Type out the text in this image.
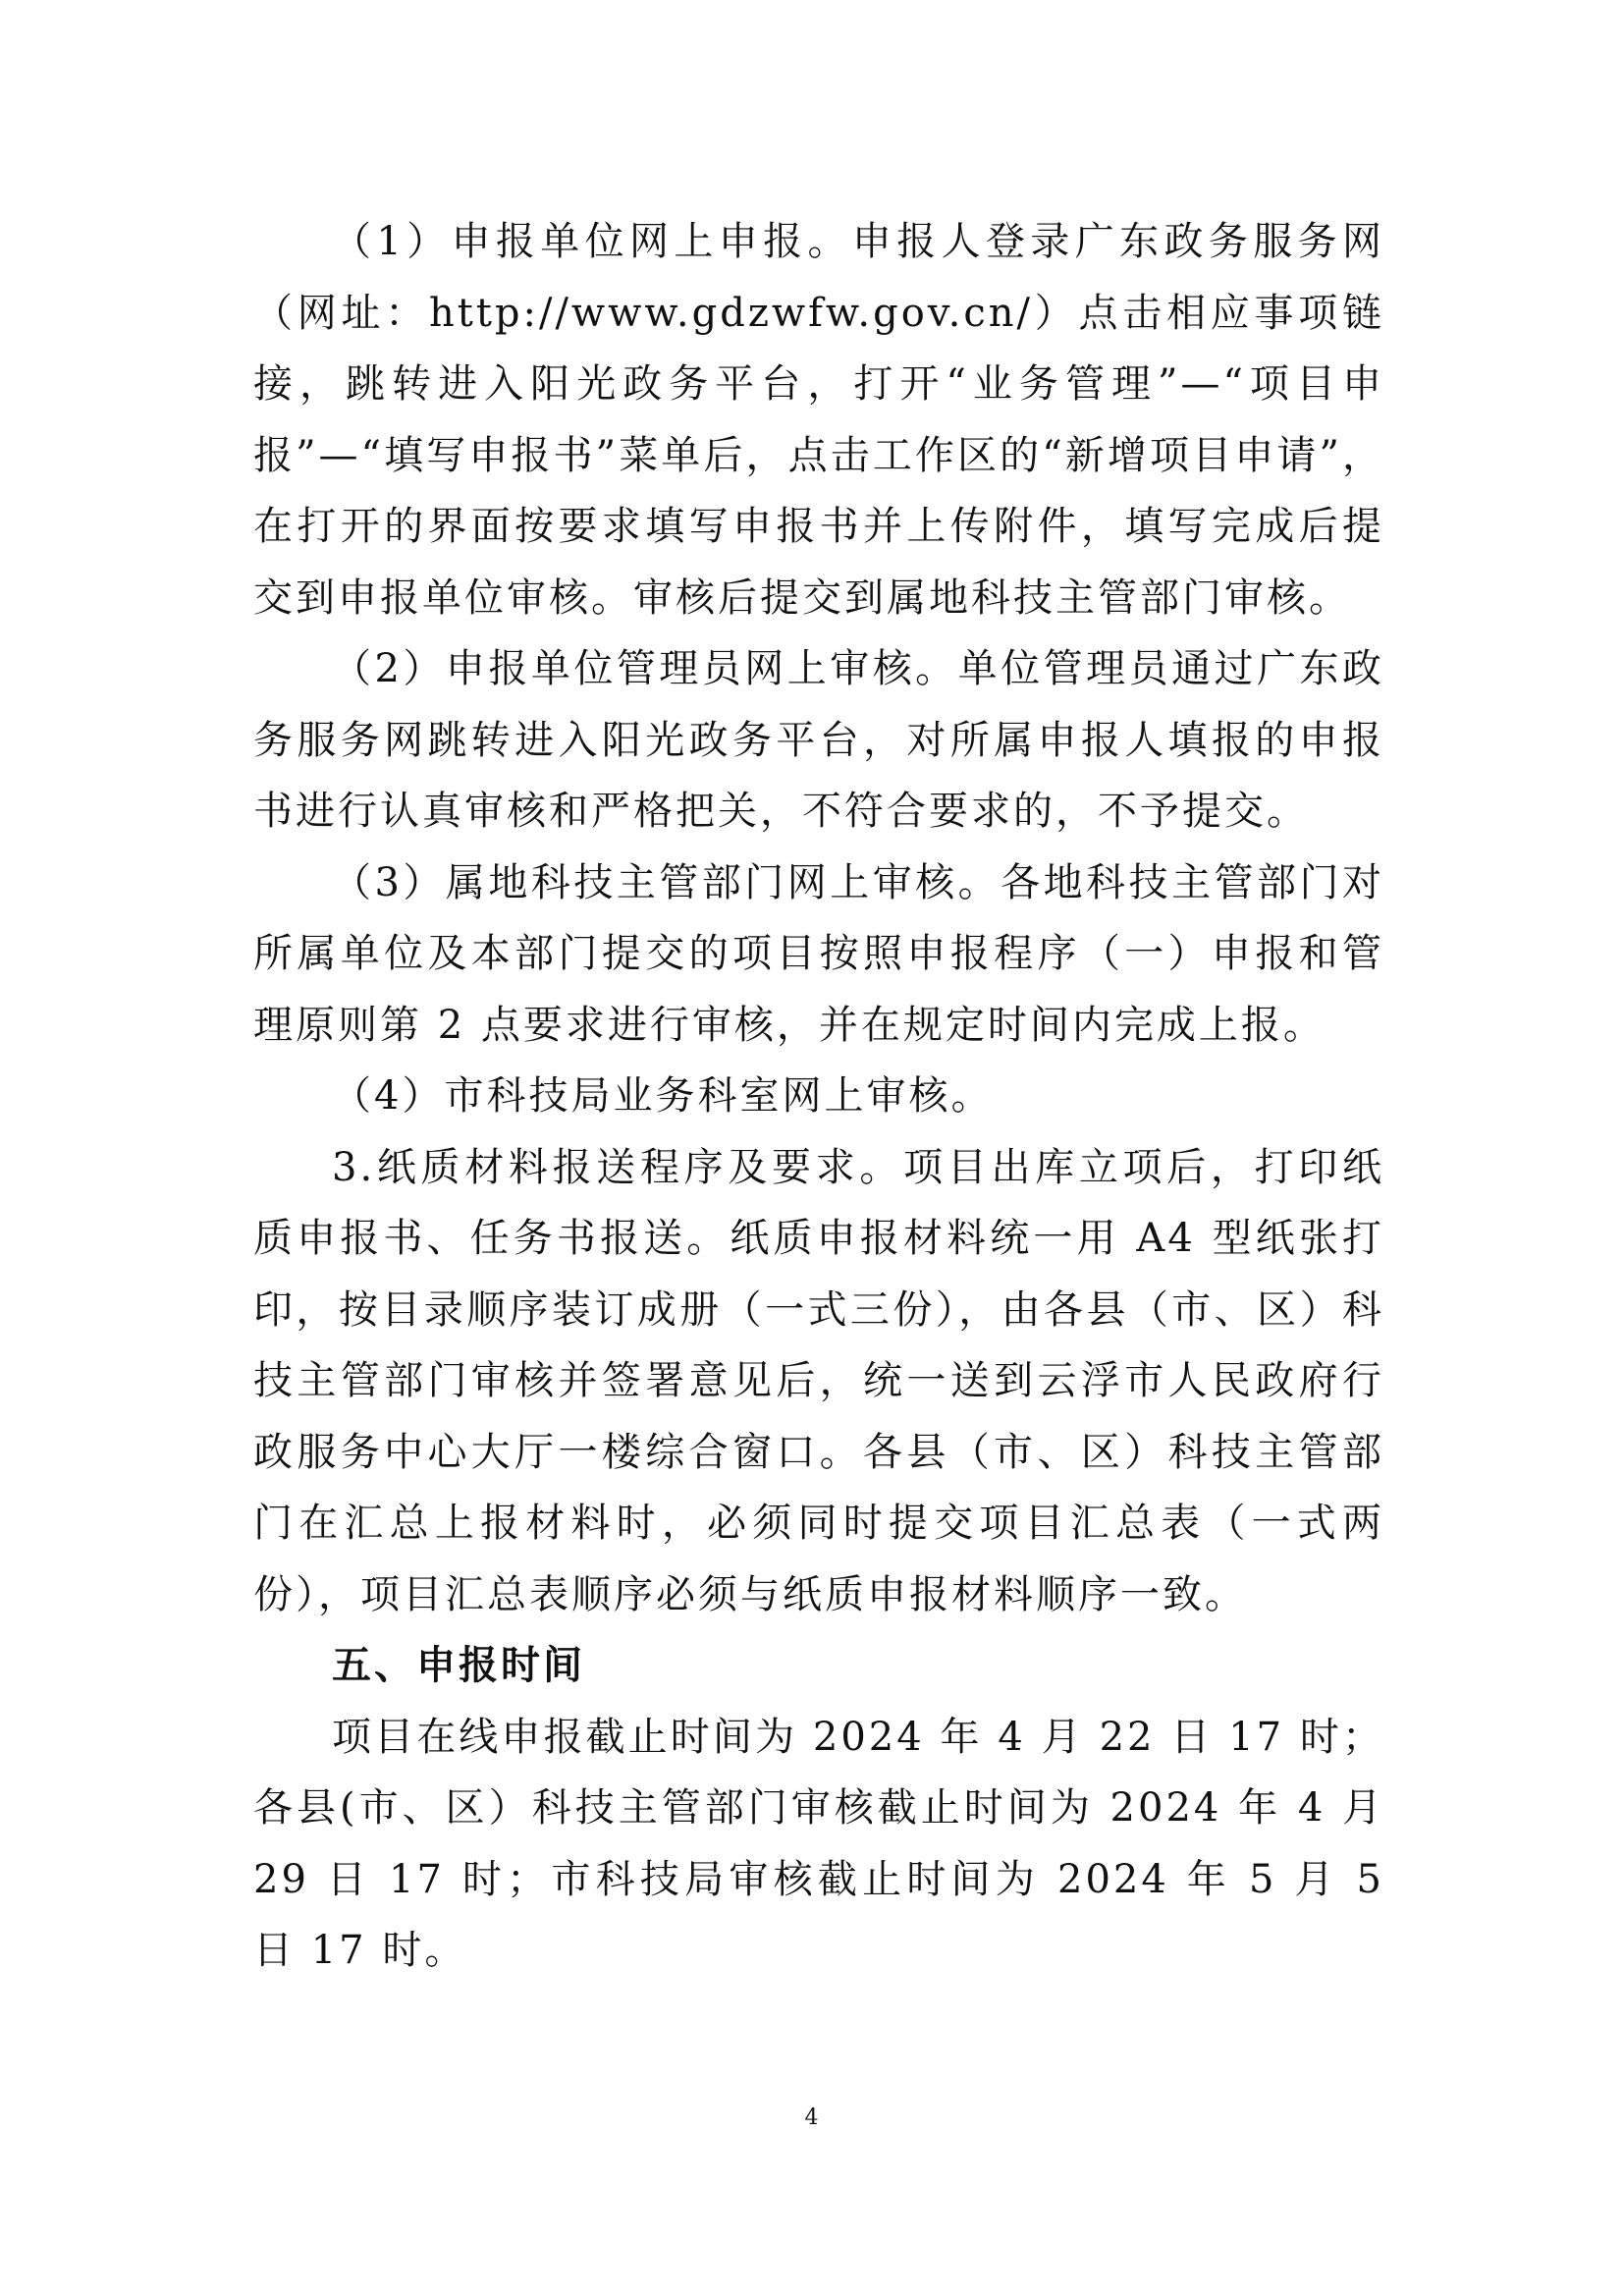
（1）申报单位网上申报。申报人登录广东政务服务网（网址：http://www.gdzwfw.gov.cn/）点击相应事项链接，跳转进入阳光政务平台，打开“业务管理”—“项目申报”—“填写申报书”菜单后，点击工作区的“新增项目申请”，在打开的界面按要求填写申报书并上传附件，填写完成后提交到申报单位审核。审核后提交到属地科技主管部门审核。

（2）申报单位管理员网上审核。单位管理员通过广东政务服务网跳转进入阳光政务平台，对所属申报人填报的申报书进行认真审核和严格把关，不符合要求的，不予提交。

（3）属地科技主管部门网上审核。各地科技主管部门对所属单位及本部门提交的项目按照申报程序（一）申报和管理原则第 2 点要求进行审核，并在规定时间内完成上报。

（4）市科技局业务科室网上审核。

3.纸质材料报送程序及要求。项目出库立项后，打印纸质申报书、任务书报送。纸质申报材料统一用 A4 型纸张打印，按目录顺序装订成册（一式三份），由各县（市、区）科技主管部门审核并签署意见后，统一送到云浮市人民政府行政服务中心大厅一楼综合窗口。各县（市、区）科技主管部门在汇总上报材料时，必须同时提交项目汇总表（一式两份），项目汇总表顺序必须与纸质申报材料顺序一致。

五、申报时间

项目在线申报截止时间为 2024 年 4 月 22 日 17 时；各县(市、区）科技主管部门审核截止时间为 2024 年 4 月 29 日 17 时；市科技局审核截止时间为 2024 年 5 月 5 日 17 时。

4
